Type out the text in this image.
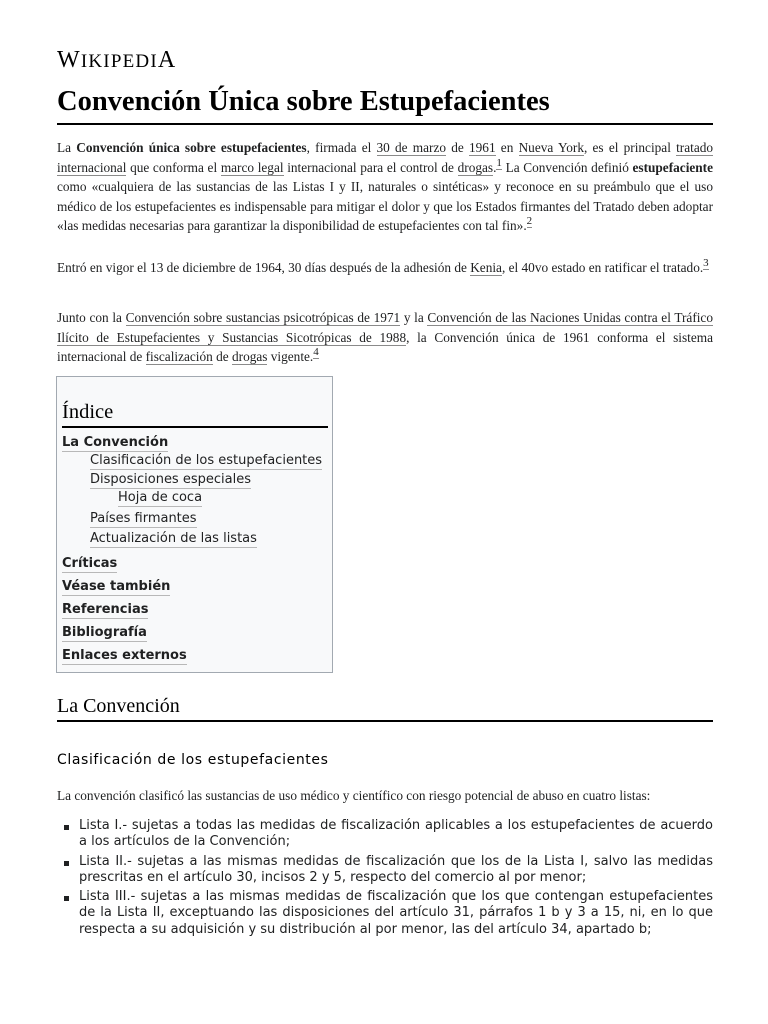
WIKIPEDIA
Convención Única sobre Estupefacientes

La Convención única sobre estupefacientes, firmada el 30 de marzo de 1961 en Nueva York, es el principal tratado internacional que conforma el marco legal internacional para el control de drogas.$^1$ La Convención definió estupefaciente como «cualquiera de las sustancias de las Listas I y II, naturales o sintéticas» y reconoce en su preámbulo que el uso médico de los estupefacientes es indispensable para mitigar el dolor y que los Estados firmantes del Tratado deben adoptar «las medidas necesarias para garantizar la disponibilidad de estupefacientes con tal fin».$^2$

Entró en vigor el 13 de diciembre de 1964, 30 días después de la adhesión de Kenia, el 40vo estado en ratificar el tratado.$^3$

Junto con la Convención sobre sustancias psicotrópicas de 1971 y la Convención de las Naciones Unidas contra el Tráfico Ilícito de Estupefacientes y Sustancias Sicotrópicas de 1988, la Convención única de 1961 conforma el sistema internacional de fiscalización de drogas vigente.$^4$

Índice
La Convención
Clasificación de los estupefacientes
Disposiciones especiales
Hoja de coca
Países firmantes
Actualización de las listas
Críticas
Véase también
Referencias
Bibliografía
Enlaces externos
La Convención
Clasificación de los estupefacientes

La convención clasificó las sustancias de uso médico y científico con riesgo potencial de abuso en cuatro listas:

Lista I.- sujetas a todas las medidas de fiscalización aplicables a los estupefacientes de acuerdo a los artículos de la Convención;
Lista II.- sujetas a las mismas medidas de fiscalización que los de la Lista I, salvo las medidas prescritas en el artículo 30, incisos 2 y 5, respecto del comercio al por menor;
Lista III.- sujetas a las mismas medidas de fiscalización que los que contengan estupefacientes de la Lista II, exceptuando las disposiciones del artículo 31, párrafos 1 b y 3 a 15, ni, en lo que respecta a su adquisición y su distribución al por menor, las del artículo 34, apartado b;
